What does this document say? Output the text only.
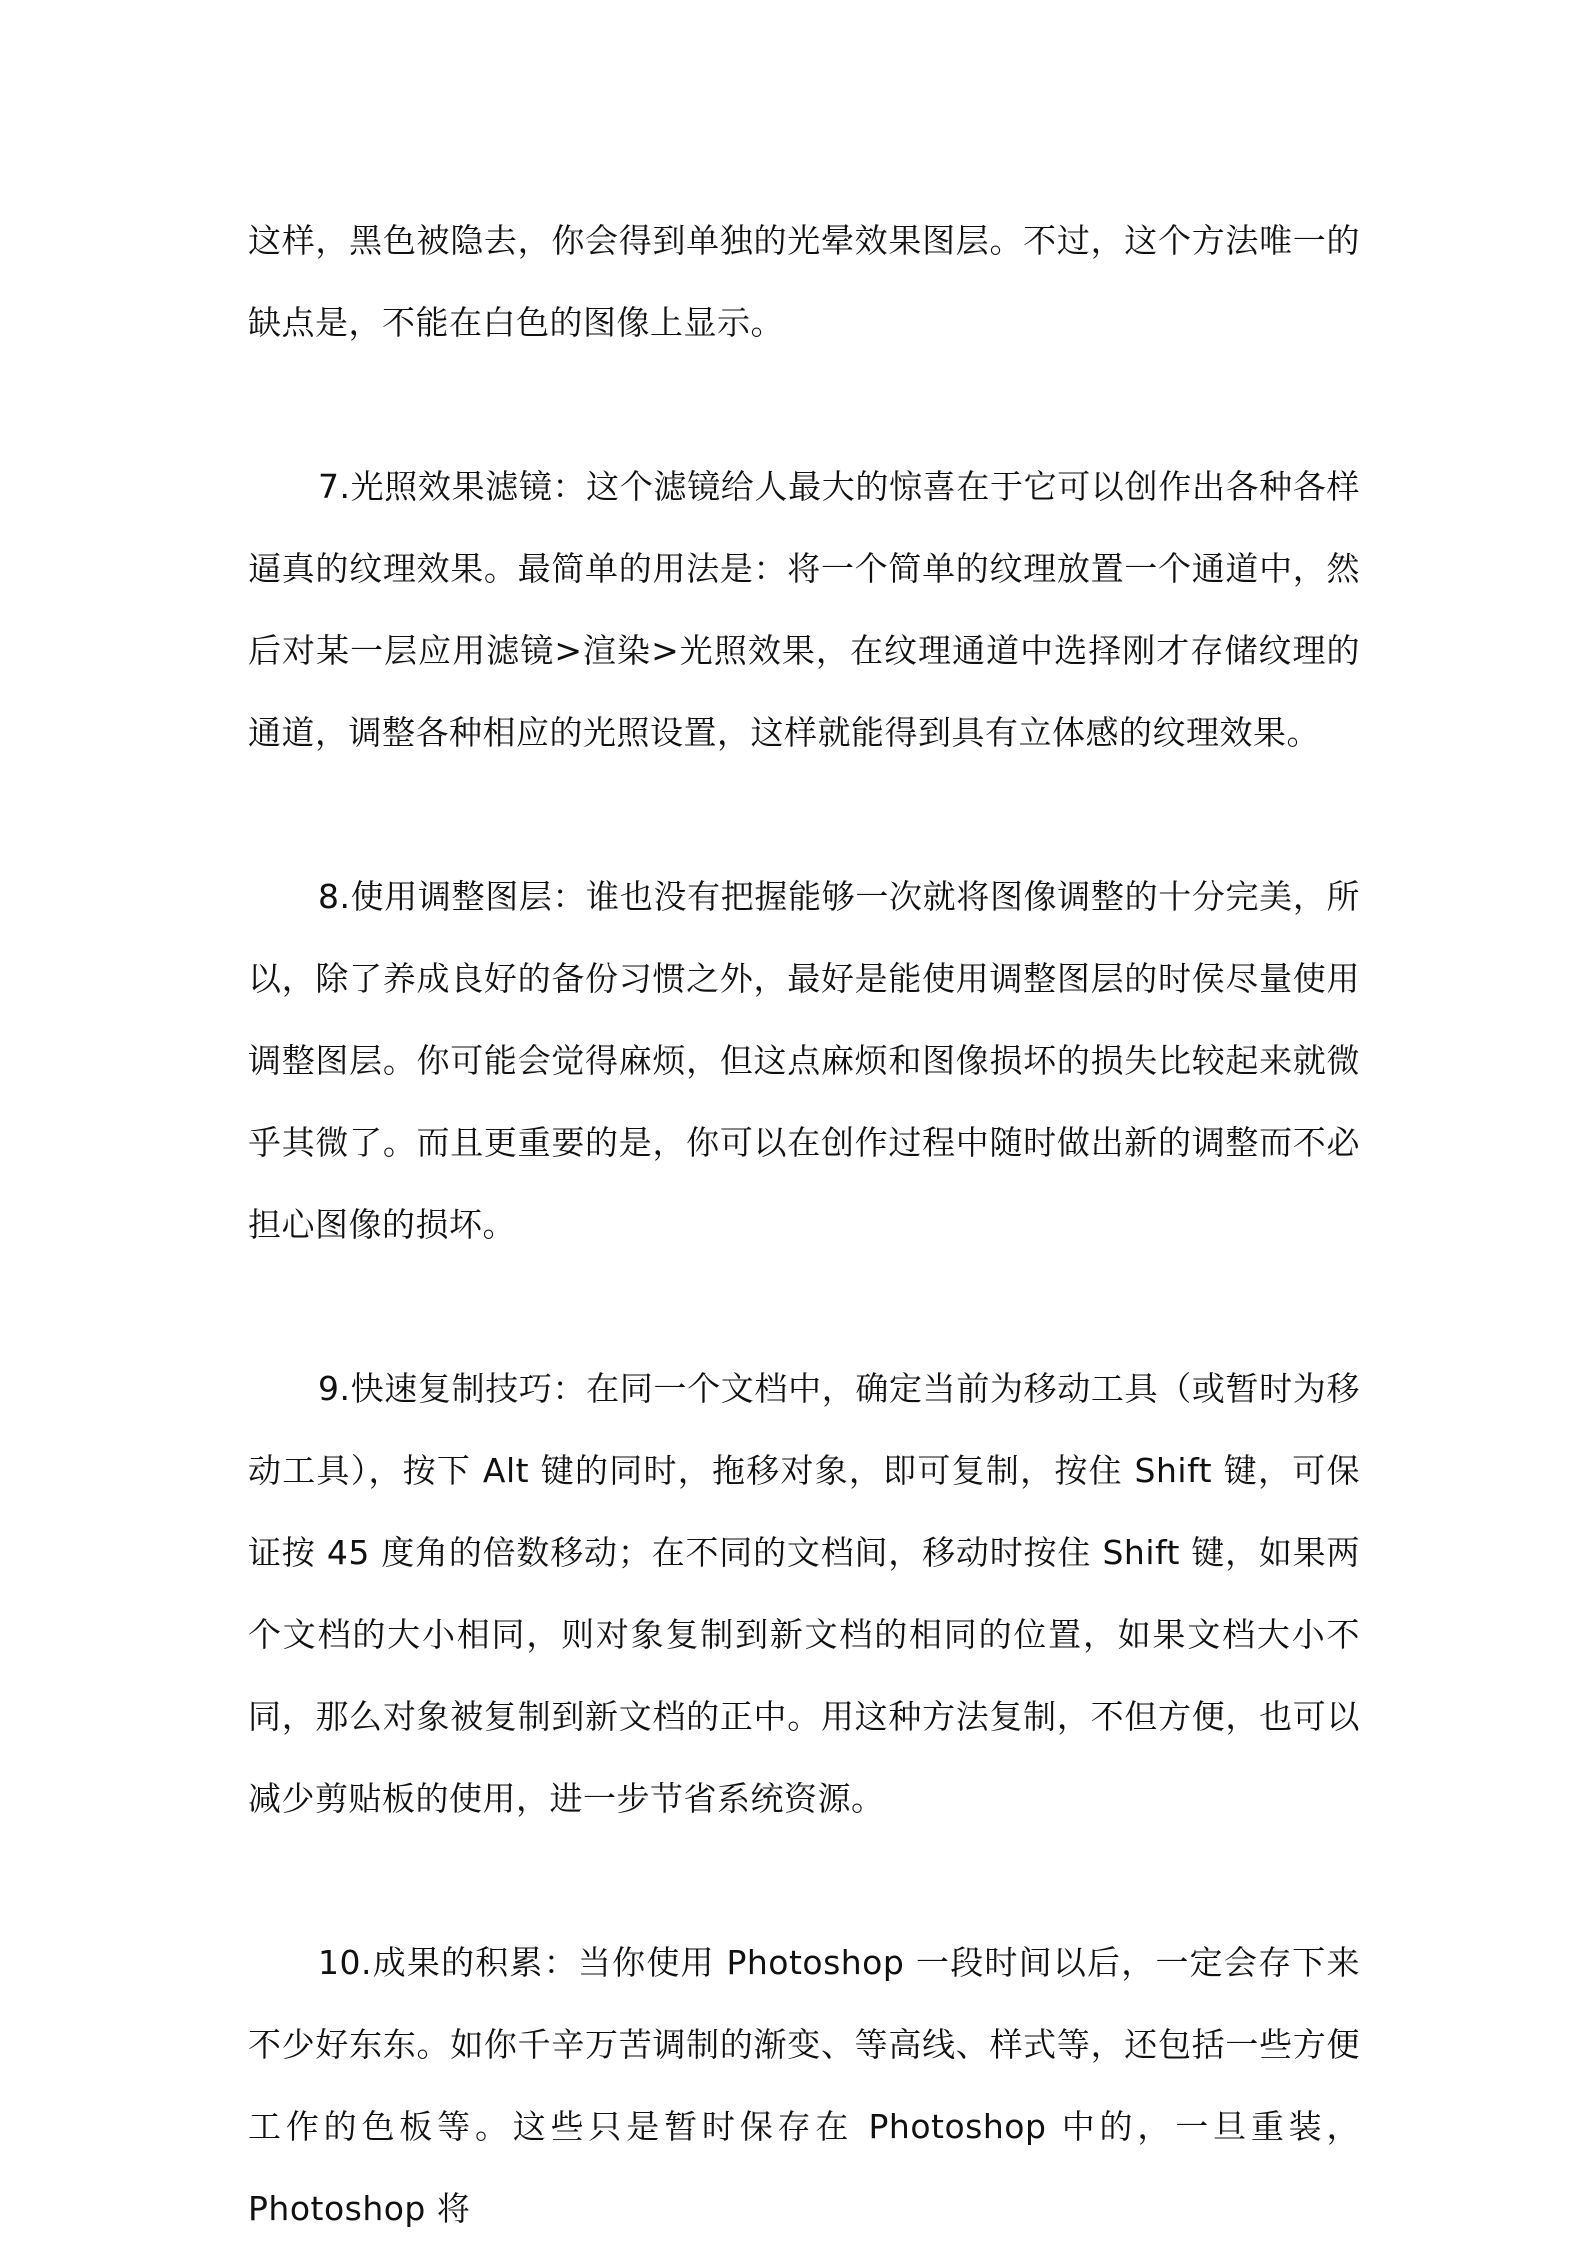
这样，黑色被隐去，你会得到单独的光晕效果图层。不过，这个方法唯一的缺点是，不能在白色的图像上显示。

7.光照效果滤镜：这个滤镜给人最大的惊喜在于它可以创作出各种各样逼真的纹理效果。最简单的用法是：将一个简单的纹理放置一个通道中，然后对某一层应用滤镜>渲染>光照效果，在纹理通道中选择刚才存储纹理的通道，调整各种相应的光照设置，这样就能得到具有立体感的纹理效果。

8.使用调整图层：谁也没有把握能够一次就将图像调整的十分完美，所以，除了养成良好的备份习惯之外，最好是能使用调整图层的时侯尽量使用调整图层。你可能会觉得麻烦，但这点麻烦和图像损坏的损失比较起来就微乎其微了。而且更重要的是，你可以在创作过程中随时做出新的调整而不必担心图像的损坏。

9.快速复制技巧：在同一个文档中，确定当前为移动工具（或暂时为移动工具），按下 Alt 键的同时，拖移对象，即可复制，按住 Shift 键，可保证按 45 度角的倍数移动；在不同的文档间，移动时按住 Shift 键，如果两个文档的大小相同，则对象复制到新文档的相同的位置，如果文档大小不同，那么对象被复制到新文档的正中。用这种方法复制，不但方便，也可以减少剪贴板的使用，进一步节省系统资源。

10.成果的积累：当你使用 Photoshop 一段时间以后，一定会存下来不少好东东。如你千辛万苦调制的渐变、等高线、样式等，还包括一些方便工作的色板等。这些只是暂时保存在 Photoshop 中的，一旦重装，Photoshop 将
